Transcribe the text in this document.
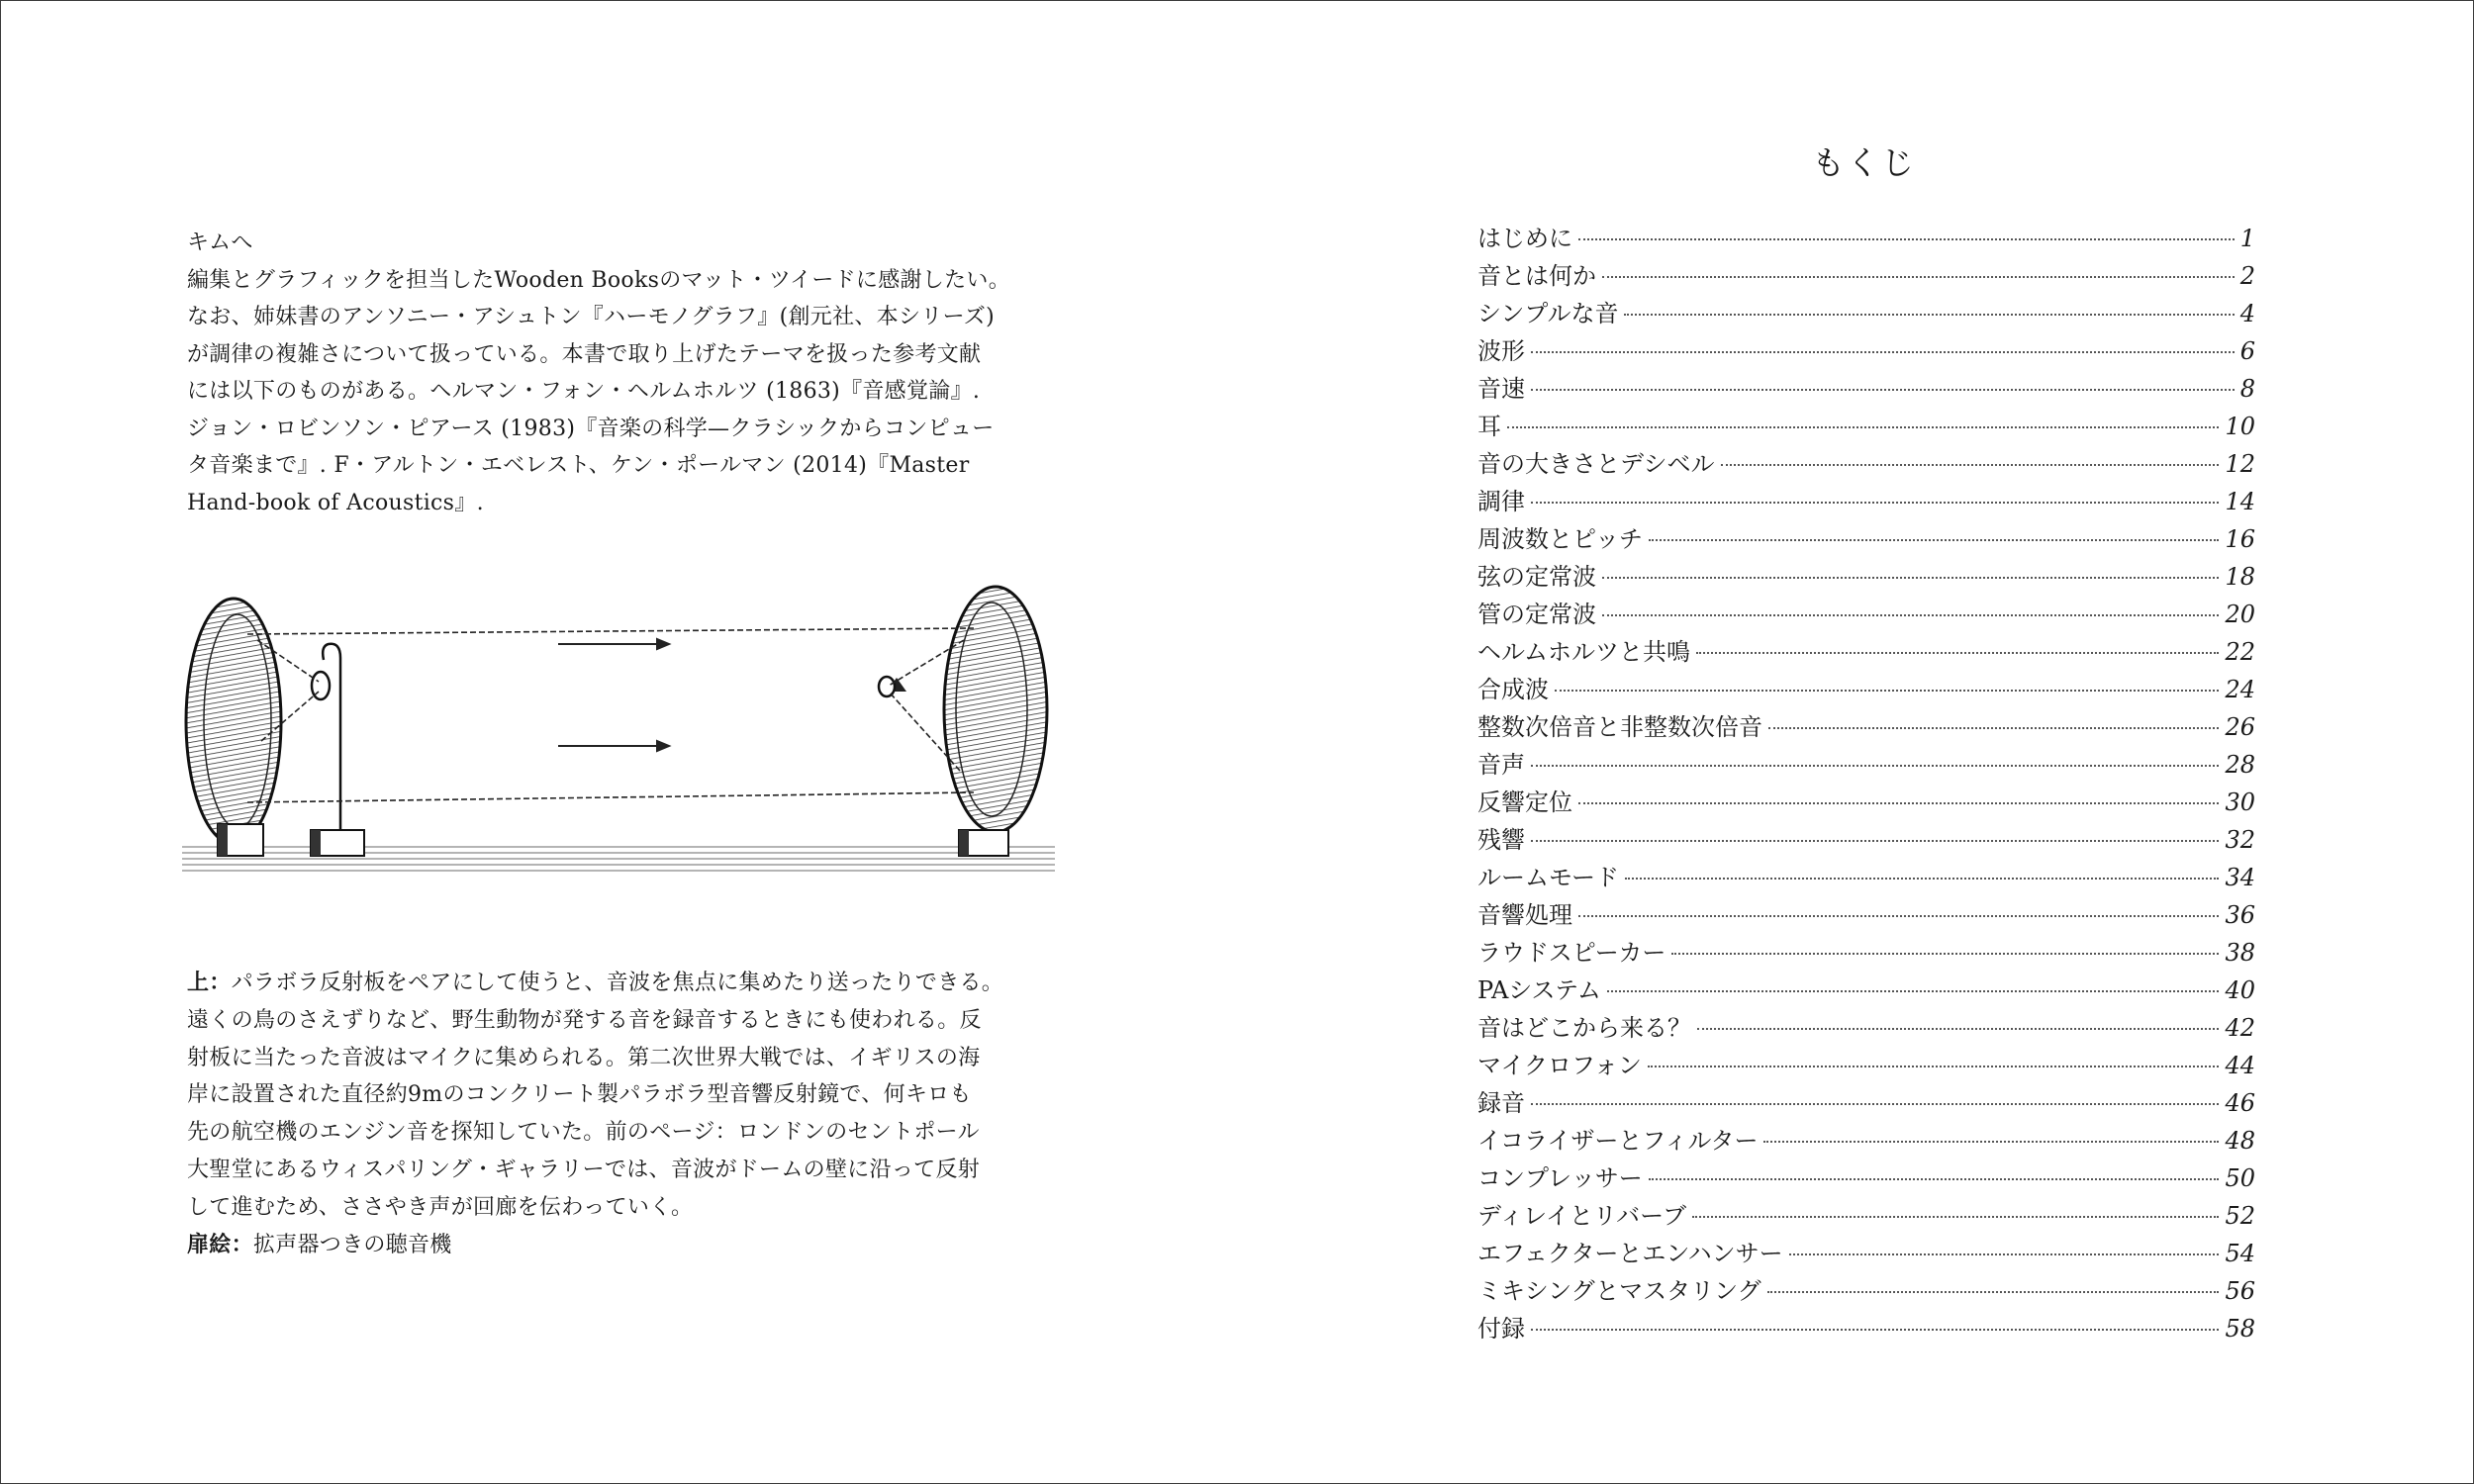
キムへ

編集とグラフィックを担当したWooden Booksのマット・ツイードに感謝したい。

なお、姉妹書のアンソニー・アシュトン『ハーモノグラフ』(創元社、本シリーズ)

が調律の複雑さについて扱っている。本書で取り上げたテーマを扱った参考文献

には以下のものがある。ヘルマン・フォン・ヘルムホルツ (1863)『音感覚論』.

ジョン・ロビンソン・ピアース (1983)『音楽の科学—クラシックからコンピュー

タ音楽まで』. F・アルトン・エベレスト、ケン・ポールマン (2014)『Master

Hand-book of Acoustics』.

上：パラボラ反射板をペアにして使うと、音波を焦点に集めたり送ったりできる。

遠くの鳥のさえずりなど、野生動物が発する音を録音するときにも使われる。反

射板に当たった音波はマイクに集められる。第二次世界大戦では、イギリスの海

岸に設置された直径約9mのコンクリート製パラボラ型音響反射鏡で、何キロも

先の航空機のエンジン音を探知していた。前のページ：ロンドンのセントポール

大聖堂にあるウィスパリング・ギャラリーでは、音波がドームの壁に沿って反射

して進むため、ささやき声が回廊を伝わっていく。

扉絵：拡声器つきの聴音機

もくじ
はじめに	1
音とは何か	2
シンプルな音	4
波形	6
音速	8
耳	10
音の大きさとデシベル	12
調律	14
周波数とピッチ	16
弦の定常波	18
管の定常波	20
ヘルムホルツと共鳴	22
合成波	24
整数次倍音と非整数次倍音	26
音声	28
反響定位	30
残響	32
ルームモード	34
音響処理	36
ラウドスピーカー	38
PAシステム	40
音はどこから来る？	42
マイクロフォン	44
録音	46
イコライザーとフィルター	48
コンプレッサー	50
ディレイとリバーブ	52
エフェクターとエンハンサー	54
ミキシングとマスタリング	56
付録	58
